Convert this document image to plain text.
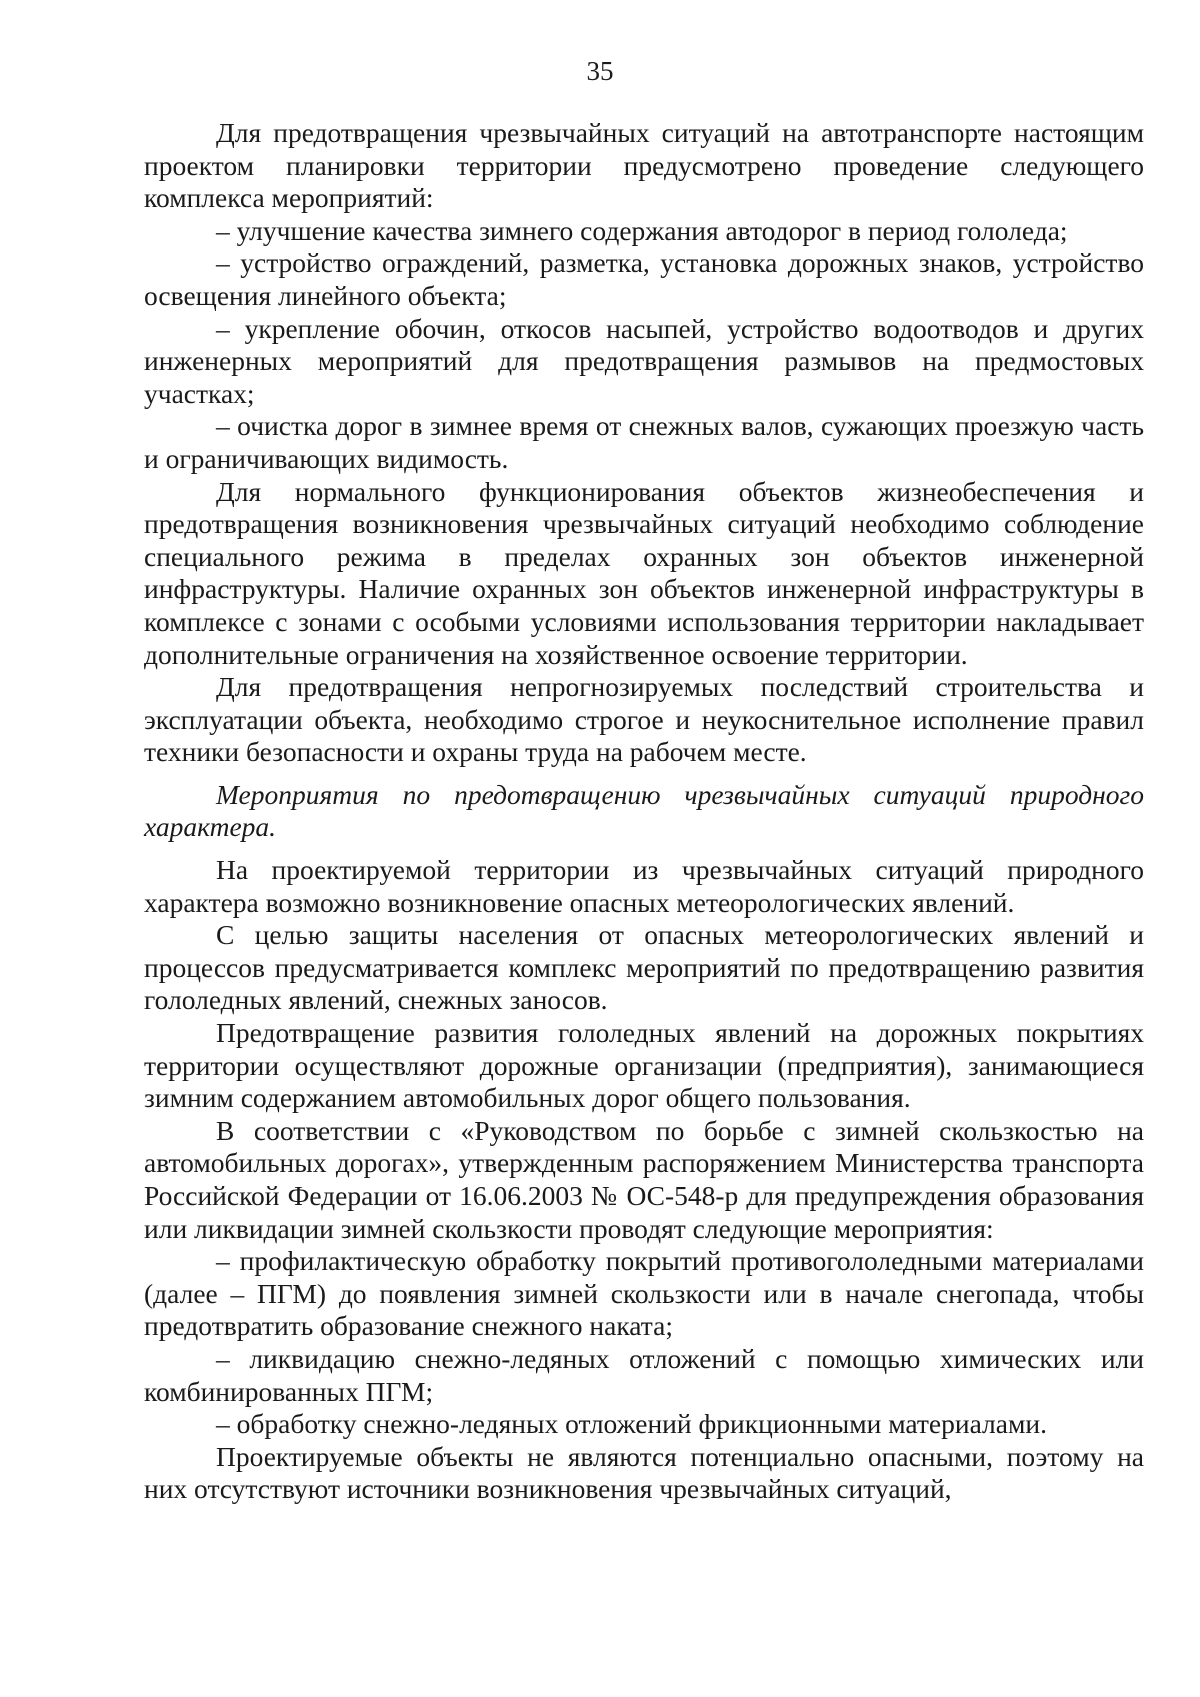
35

Для предотвращения чрезвычайных ситуаций на автотранспорте настоящим проектом планировки территории предусмотрено проведение следующего комплекса мероприятий:

– улучшение качества зимнего содержания автодорог в период гололеда;

– устройство ограждений, разметка, установка дорожных знаков, устройство освещения линейного объекта;

– укрепление обочин, откосов насыпей, устройство водоотводов и других инженерных мероприятий для предотвращения размывов на предмостовых участках;

– очистка дорог в зимнее время от снежных валов, сужающих проезжую часть и ограничивающих видимость.

Для нормального функционирования объектов жизнеобеспечения и предотвращения возникновения чрезвычайных ситуаций необходимо соблюдение специального режима в пределах охранных зон объектов инженерной инфраструктуры. Наличие охранных зон объектов инженерной инфраструктуры в комплексе с зонами с особыми условиями использования территории накладывает дополнительные ограничения на хозяйственное освоение территории.

Для предотвращения непрогнозируемых последствий строительства и эксплуатации объекта, необходимо строгое и неукоснительное исполнение правил техники безопасности и охраны труда на рабочем месте.

Мероприятия по предотвращению чрезвычайных ситуаций природного характера.

На проектируемой территории из чрезвычайных ситуаций природного характера возможно возникновение опасных метеорологических явлений.

С целью защиты населения от опасных метеорологических явлений и процессов предусматривается комплекс мероприятий по предотвращению развития гололедных явлений, снежных заносов.

Предотвращение развития гололедных явлений на дорожных покрытиях территории осуществляют дорожные организации (предприятия), занимающиеся зимним содержанием автомобильных дорог общего пользования.

В соответствии с «Руководством по борьбе с зимней скользкостью на автомобильных дорогах», утвержденным распоряжением Министерства транспорта Российской Федерации от 16.06.2003 № ОС-548-р для предупреждения образования или ликвидации зимней скользкости проводят следующие мероприятия:

– профилактическую обработку покрытий противогололедными материалами (далее – ПГМ) до появления зимней скользкости или в начале снегопада, чтобы предотвратить образование снежного наката;

– ликвидацию снежно-ледяных отложений с помощью химических или комбинированных ПГМ;

– обработку снежно-ледяных отложений фрикционными материалами.

Проектируемые объекты не являются потенциально опасными, поэтому на них отсутствуют источники возникновения чрезвычайных ситуаций,
